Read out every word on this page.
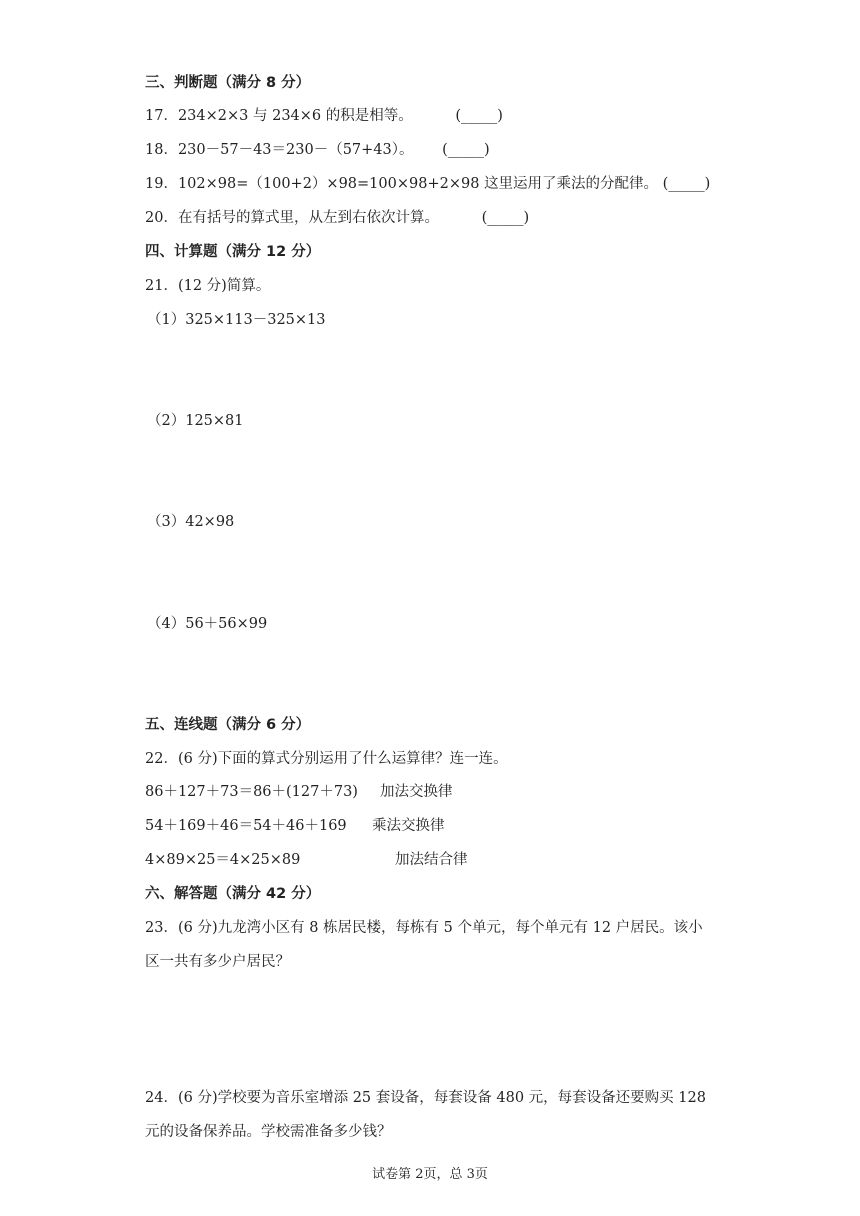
三、判断题（满分 8 分）
17．234×2×3 与 234×6 的积是相等。	(_____)
18．230－57－43＝230－（57+43）。 (_____)
19．102×98=（100+2）×98=100×98+2×98 这里运用了乘法的分配律。 (_____)
20．在有括号的算式里，从左到右依次计算。	(_____)
四、计算题（满分 12 分）
21．(12 分)简算。
（1）325×113－325×13
（2）125×81
（3）42×98
（4）56＋56×99
五、连线题（满分 6 分）
22．(6 分)下面的算式分别运用了什么运算律？连一连。
86＋127＋73＝86＋(127＋73) 加法交换律
54＋169＋46＝54＋46＋169 乘法交换律
4×89×25＝4×25×89	加法结合律
六、解答题（满分 42 分）
23．(6 分)九龙湾小区有 8 栋居民楼，每栋有 5 个单元，每个单元有 12 户居民。该小
区一共有多少户居民？
24．(6 分)学校要为音乐室增添 25 套设备，每套设备 480 元，每套设备还要购买 128
元的设备保养品。学校需准备多少钱？
试卷第 2页，总 3页
